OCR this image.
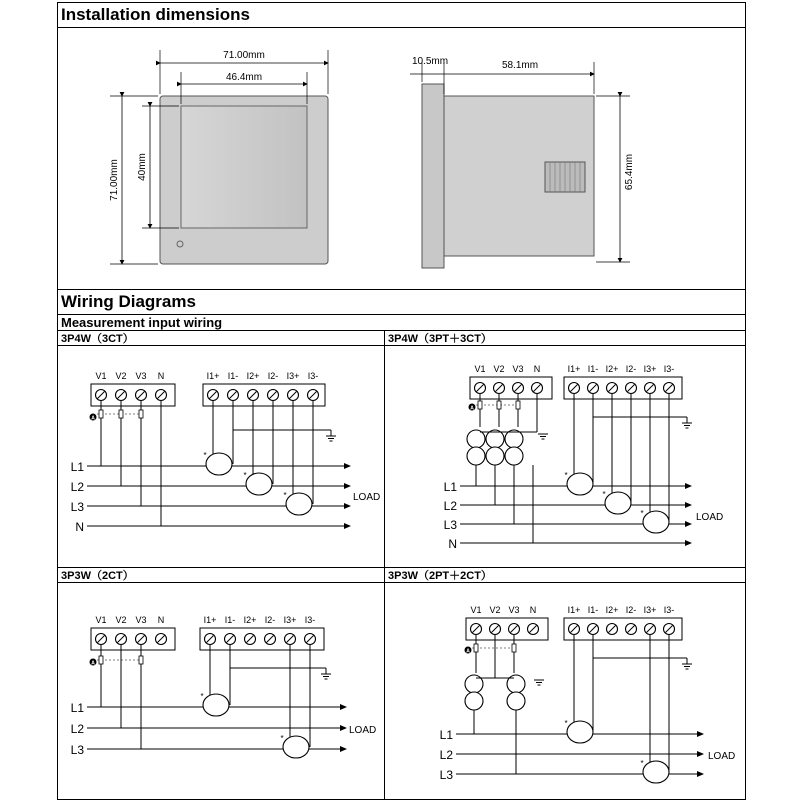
Installation dimensions
Wiring Diagrams
Measurement input wiring
3P4W（3CT）	3P4W（3PT＋3CT）
3P3W（2CT）	3P3W（2PT＋2CT）
71.00mm
46.4mm
71.00mm 40mm
10.5mm	58.1mm
65.4mm
V1 V2 V3 N	I1+ I1- I2+ I2- I3+ I3-
L1
L2
L3
N
LOAD
A
*
*
*
V1 V2 V3 N	I1+ I1- I2+ I2- I3+ I3-
L1
L2
L3
N
LOAD
A
*
*
*
V1 V2 V3 N	I1+ I1- I2+ I2- I3+ I3-
L1
L2
L3
LOAD
A
*
*
V1 V2 V3 N	I1+ I1- I2+ I2- I3+ I3-
L1
L2
L3
LOAD
A
*
*
